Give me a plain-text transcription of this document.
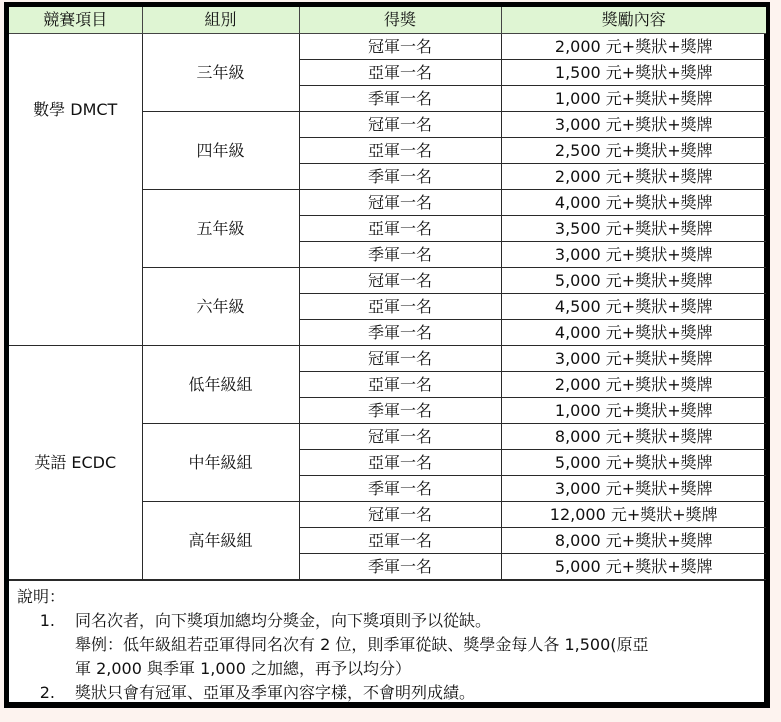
競賽項目	組別	得獎	獎勵內容
數學 DMCT	三年級	冠軍一名	2,000 元+獎狀+獎牌
		亞軍一名	1,500 元+獎狀+獎牌
		季軍一名	1,000 元+獎狀+獎牌
	四年級	冠軍一名	3,000 元+獎狀+獎牌
		亞軍一名	2,500 元+獎狀+獎牌
		季軍一名	2,000 元+獎狀+獎牌
	五年級	冠軍一名	4,000 元+獎狀+獎牌
		亞軍一名	3,500 元+獎狀+獎牌
		季軍一名	3,000 元+獎狀+獎牌
	六年級	冠軍一名	5,000 元+獎狀+獎牌
		亞軍一名	4,500 元+獎狀+獎牌
		季軍一名	4,000 元+獎狀+獎牌
英語 ECDC	低年級組	冠軍一名	3,000 元+獎狀+獎牌
		亞軍一名	2,000 元+獎狀+獎牌
		季軍一名	1,000 元+獎狀+獎牌
	中年級組	冠軍一名	8,000 元+獎狀+獎牌
		亞軍一名	5,000 元+獎狀+獎牌
		季軍一名	3,000 元+獎狀+獎牌
	高年級組	冠軍一名	12,000 元+獎狀+獎牌
		亞軍一名	8,000 元+獎狀+獎牌
		季軍一名	5,000 元+獎狀+獎牌
說明：
1.	同名次者，向下獎項加總均分獎金，向下獎項則予以從缺。
舉例：低年級組若亞軍得同名次有 2 位，則季軍從缺、獎學金每人各 1,500(原亞
軍 2,000 與季軍 1,000 之加總，再予以均分）
2.	獎狀只會有冠軍、亞軍及季軍內容字樣，不會明列成績。
